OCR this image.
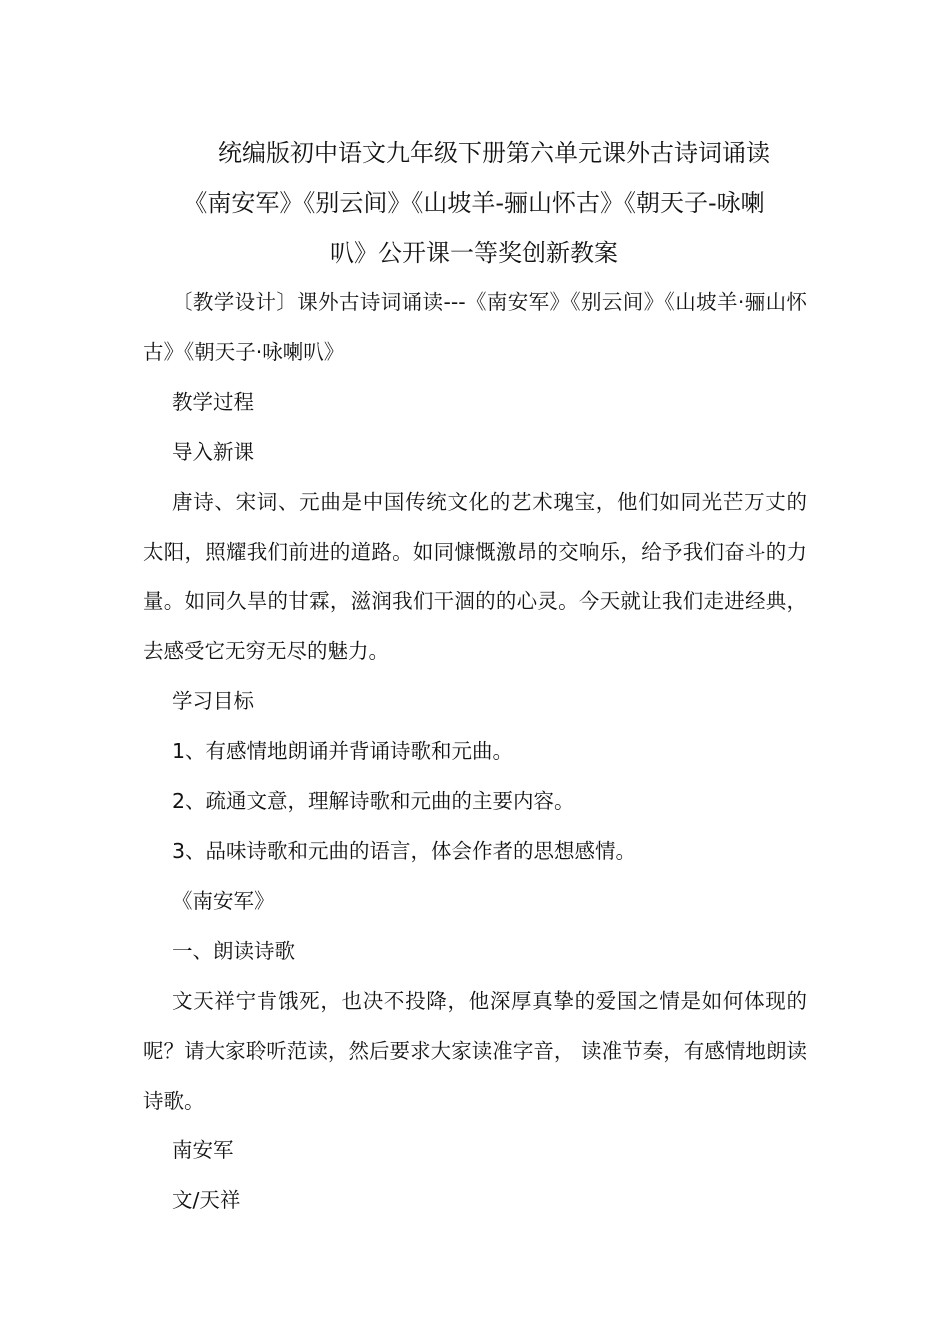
统编版初中语文九年级下册第六单元课外古诗词诵读
《南安军》《别云间》《山坡羊-骊山怀古》《朝天子-咏喇
叭》公开课一等奖创新教案

〔教学设计〕课外古诗词诵读---《南安军》《别云间》《山坡羊·骊山怀古》《朝天子·咏喇叭》

教学过程

导入新课

唐诗、宋词、元曲是中国传统文化的艺术瑰宝，他们如同光芒万丈的太阳，照耀我们前进的道路。如同慷慨激昂的交响乐，给予我们奋斗的力量。如同久旱的甘霖，滋润我们干涸的的心灵。今天就让我们走进经典，去感受它无穷无尽的魅力。

学习目标

1、有感情地朗诵并背诵诗歌和元曲。

2、疏通文意，理解诗歌和元曲的主要内容。

3、品味诗歌和元曲的语言，体会作者的思想感情。

《南安军》

一、朗读诗歌

文天祥宁肯饿死，也决不投降，他深厚真挚的爱国之情是如何体现的呢？请大家聆听范读，然后要求大家读准字音， 读准节奏，有感情地朗读诗歌。

南安军

文/天祥
